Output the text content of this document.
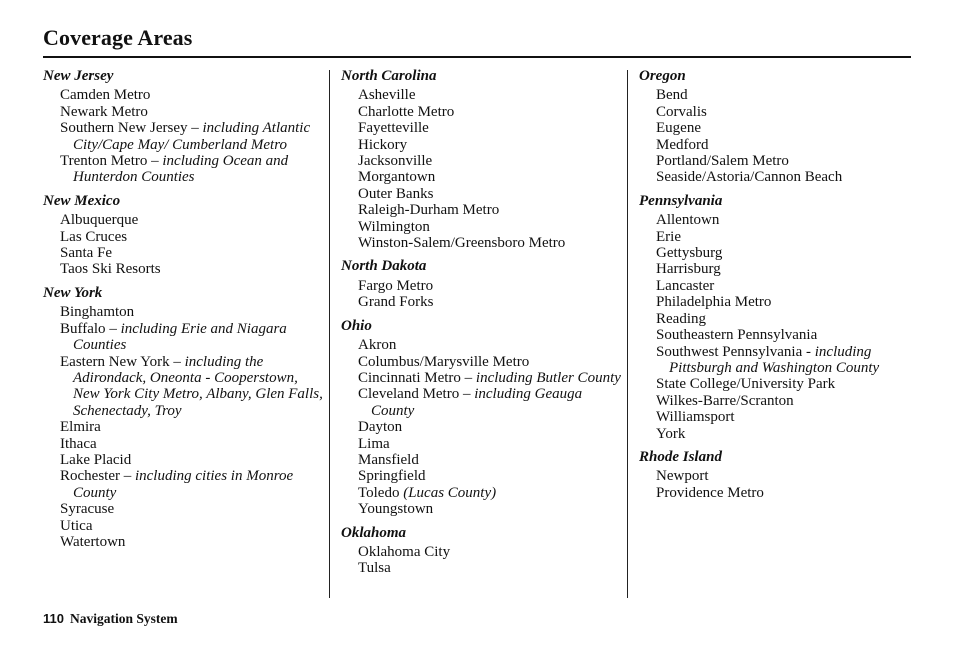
Coverage Areas
New Jersey
Camden Metro
Newark Metro
Southern New Jersey – including Atlantic City/Cape May/ Cumberland Metro
Trenton Metro – including Ocean and Hunterdon Counties
New Mexico
Albuquerque
Las Cruces
Santa Fe
Taos Ski Resorts
New York
Binghamton
Buffalo – including Erie and Niagara Counties
Eastern New York – including the Adirondack, Oneonta - Cooperstown, New York City Metro, Albany, Glen Falls, Schenectady, Troy
Elmira
Ithaca
Lake Placid
Rochester – including cities in Monroe County
Syracuse
Utica
Watertown
North Carolina
Asheville
Charlotte Metro
Fayetteville
Hickory
Jacksonville
Morgantown
Outer Banks
Raleigh-Durham Metro
Wilmington
Winston-Salem/Greensboro Metro
North Dakota
Fargo Metro
Grand Forks
Ohio
Akron
Columbus/Marysville Metro
Cincinnati Metro – including Butler County
Cleveland Metro – including Geauga County
Dayton
Lima
Mansfield
Springfield
Toledo (Lucas County)
Youngstown
Oklahoma
Oklahoma City
Tulsa
Oregon
Bend
Corvalis
Eugene
Medford
Portland/Salem Metro
Seaside/Astoria/Cannon Beach
Pennsylvania
Allentown
Erie
Gettysburg
Harrisburg
Lancaster
Philadelphia Metro
Reading
Southeastern Pennsylvania
Southwest Pennsylvania - including Pittsburgh and Washington County
State College/University Park
Wilkes-Barre/Scranton
Williamsport
York
Rhode Island
Newport
Providence Metro
110 Navigation System
